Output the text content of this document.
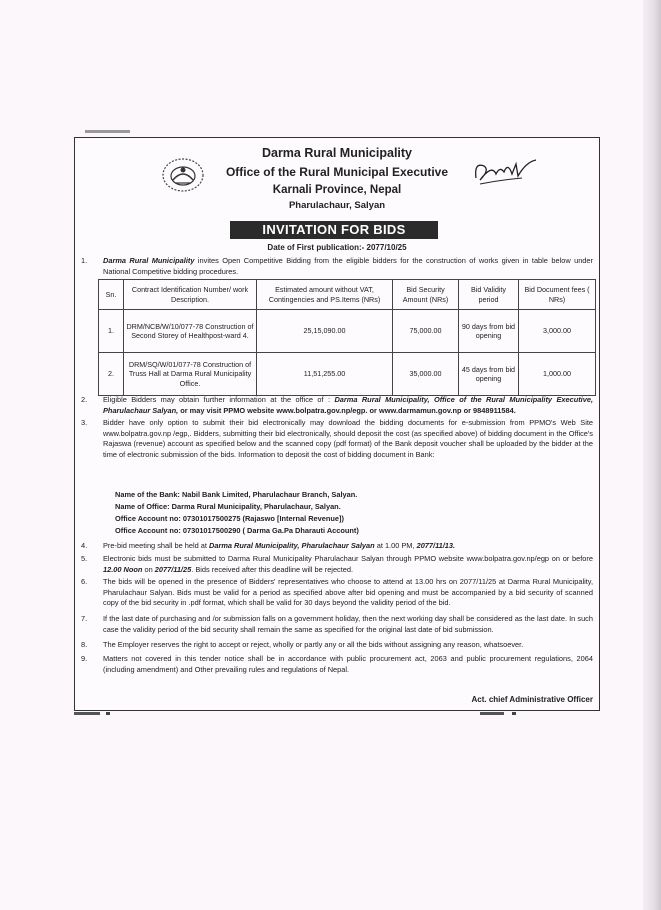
Darma Rural Municipality
Office of the Rural Municipal Executive
Karnali Province, Nepal
Pharulachaur, Salyan
INVITATION FOR BIDS
Date of First publication:- 2077/10/25
1.	Darma Rural Municipality invites Open Competitive Bidding from the eligible bidders for the construction of works given in table below under National Competitive bidding procedures.
Sn.	Contract Identification Number/ work Description.	Estimated amount without VAT, Contingencies and PS.Items (NRs)	Bid Security Amount (NRs)	Bid Validity period	Bid Document fees ( NRs)
1.	DRM/NCB/W/10/077-78 Construction of Second Storey of Healthpost-ward 4.	25,15,090.00	75,000.00	90 days from bid opening	3,000.00
2.	DRM/SQ/W/01/077-78 Construction of Truss Hall at Darma Rural Municipality Office.	11,51,255.00	35,000.00	45 days from bid opening	1,000.00
2.	Eligible Bidders may obtain further information at the office of : Darma Rural Municipality, Office of the Rural Municipality Executive, Pharulachaur Salyan, or may visit PPMO website www.bolpatra.gov.np/egp. or www.darmamun.gov.np or 9848911584.
3.	Bidder have only option to submit their bid electronically may download the bidding documents for e-submission from PPMO's Web Site www.bolpatra.gov.np /egp,. Bidders, submitting their bid electronically, should deposit the cost (as specified above) of bidding document in the Office's Rajaswa (revenue) account as specified below and the scanned copy (pdf format) of the Bank deposit voucher shall be uploaded by the bidder at the time of electronic submission of the bids. Information to deposit the cost of bidding document in Bank:
Name of the Bank: Nabil Bank Limited, Pharulachaur Branch, Salyan.
Name of Office: Darma Rural Municipality, Pharulachaur, Salyan.
Office Account no: 07301017500275 (Rajaswo [Internal Revenue])
Office Account no: 07301017500290 ( Darma Ga.Pa Dharauti Account)
4.	Pre-bid meeting shall be held at Darma Rural Municipality, Pharulachaur Salyan at 1.00 PM, 2077/11/13.
5.	Electronic bids must be submitted to Darma Rural Municipality Pharulachaur Salyan through PPMO website www.bolpatra.gov.np/egp on or before 12.00 Noon on 2077/11/25. Bids received after this deadline will be rejected.
6.	The bids will be opened in the presence of Bidders' representatives who choose to attend at 13.00 hrs on 2077/11/25 at Darma Rural Municipality, Pharulachaur Salyan. Bids must be valid for a period as specified above after bid opening and must be accompanied by a bid security of scanned copy of the bid security in .pdf format, which shall be valid for 30 days beyond the validity period of the bid.
7.	If the last date of purchasing and /or submission falls on a government holiday, then the next working day shall be considered as the last date. In such case the validity period of the bid security shall remain the same as specified for the original last date of bid submission.
8.	The Employer reserves the right to accept or reject, wholly or partly any or all the bids without assigning any reason, whatsoever.
9.	Matters not covered in this tender notice shall be in accordance with public procurement act, 2063 and public procurement regulations, 2064 (including amendment) and Other prevailing rules and regulations of Nepal.
Act. chief Administrative Officer
